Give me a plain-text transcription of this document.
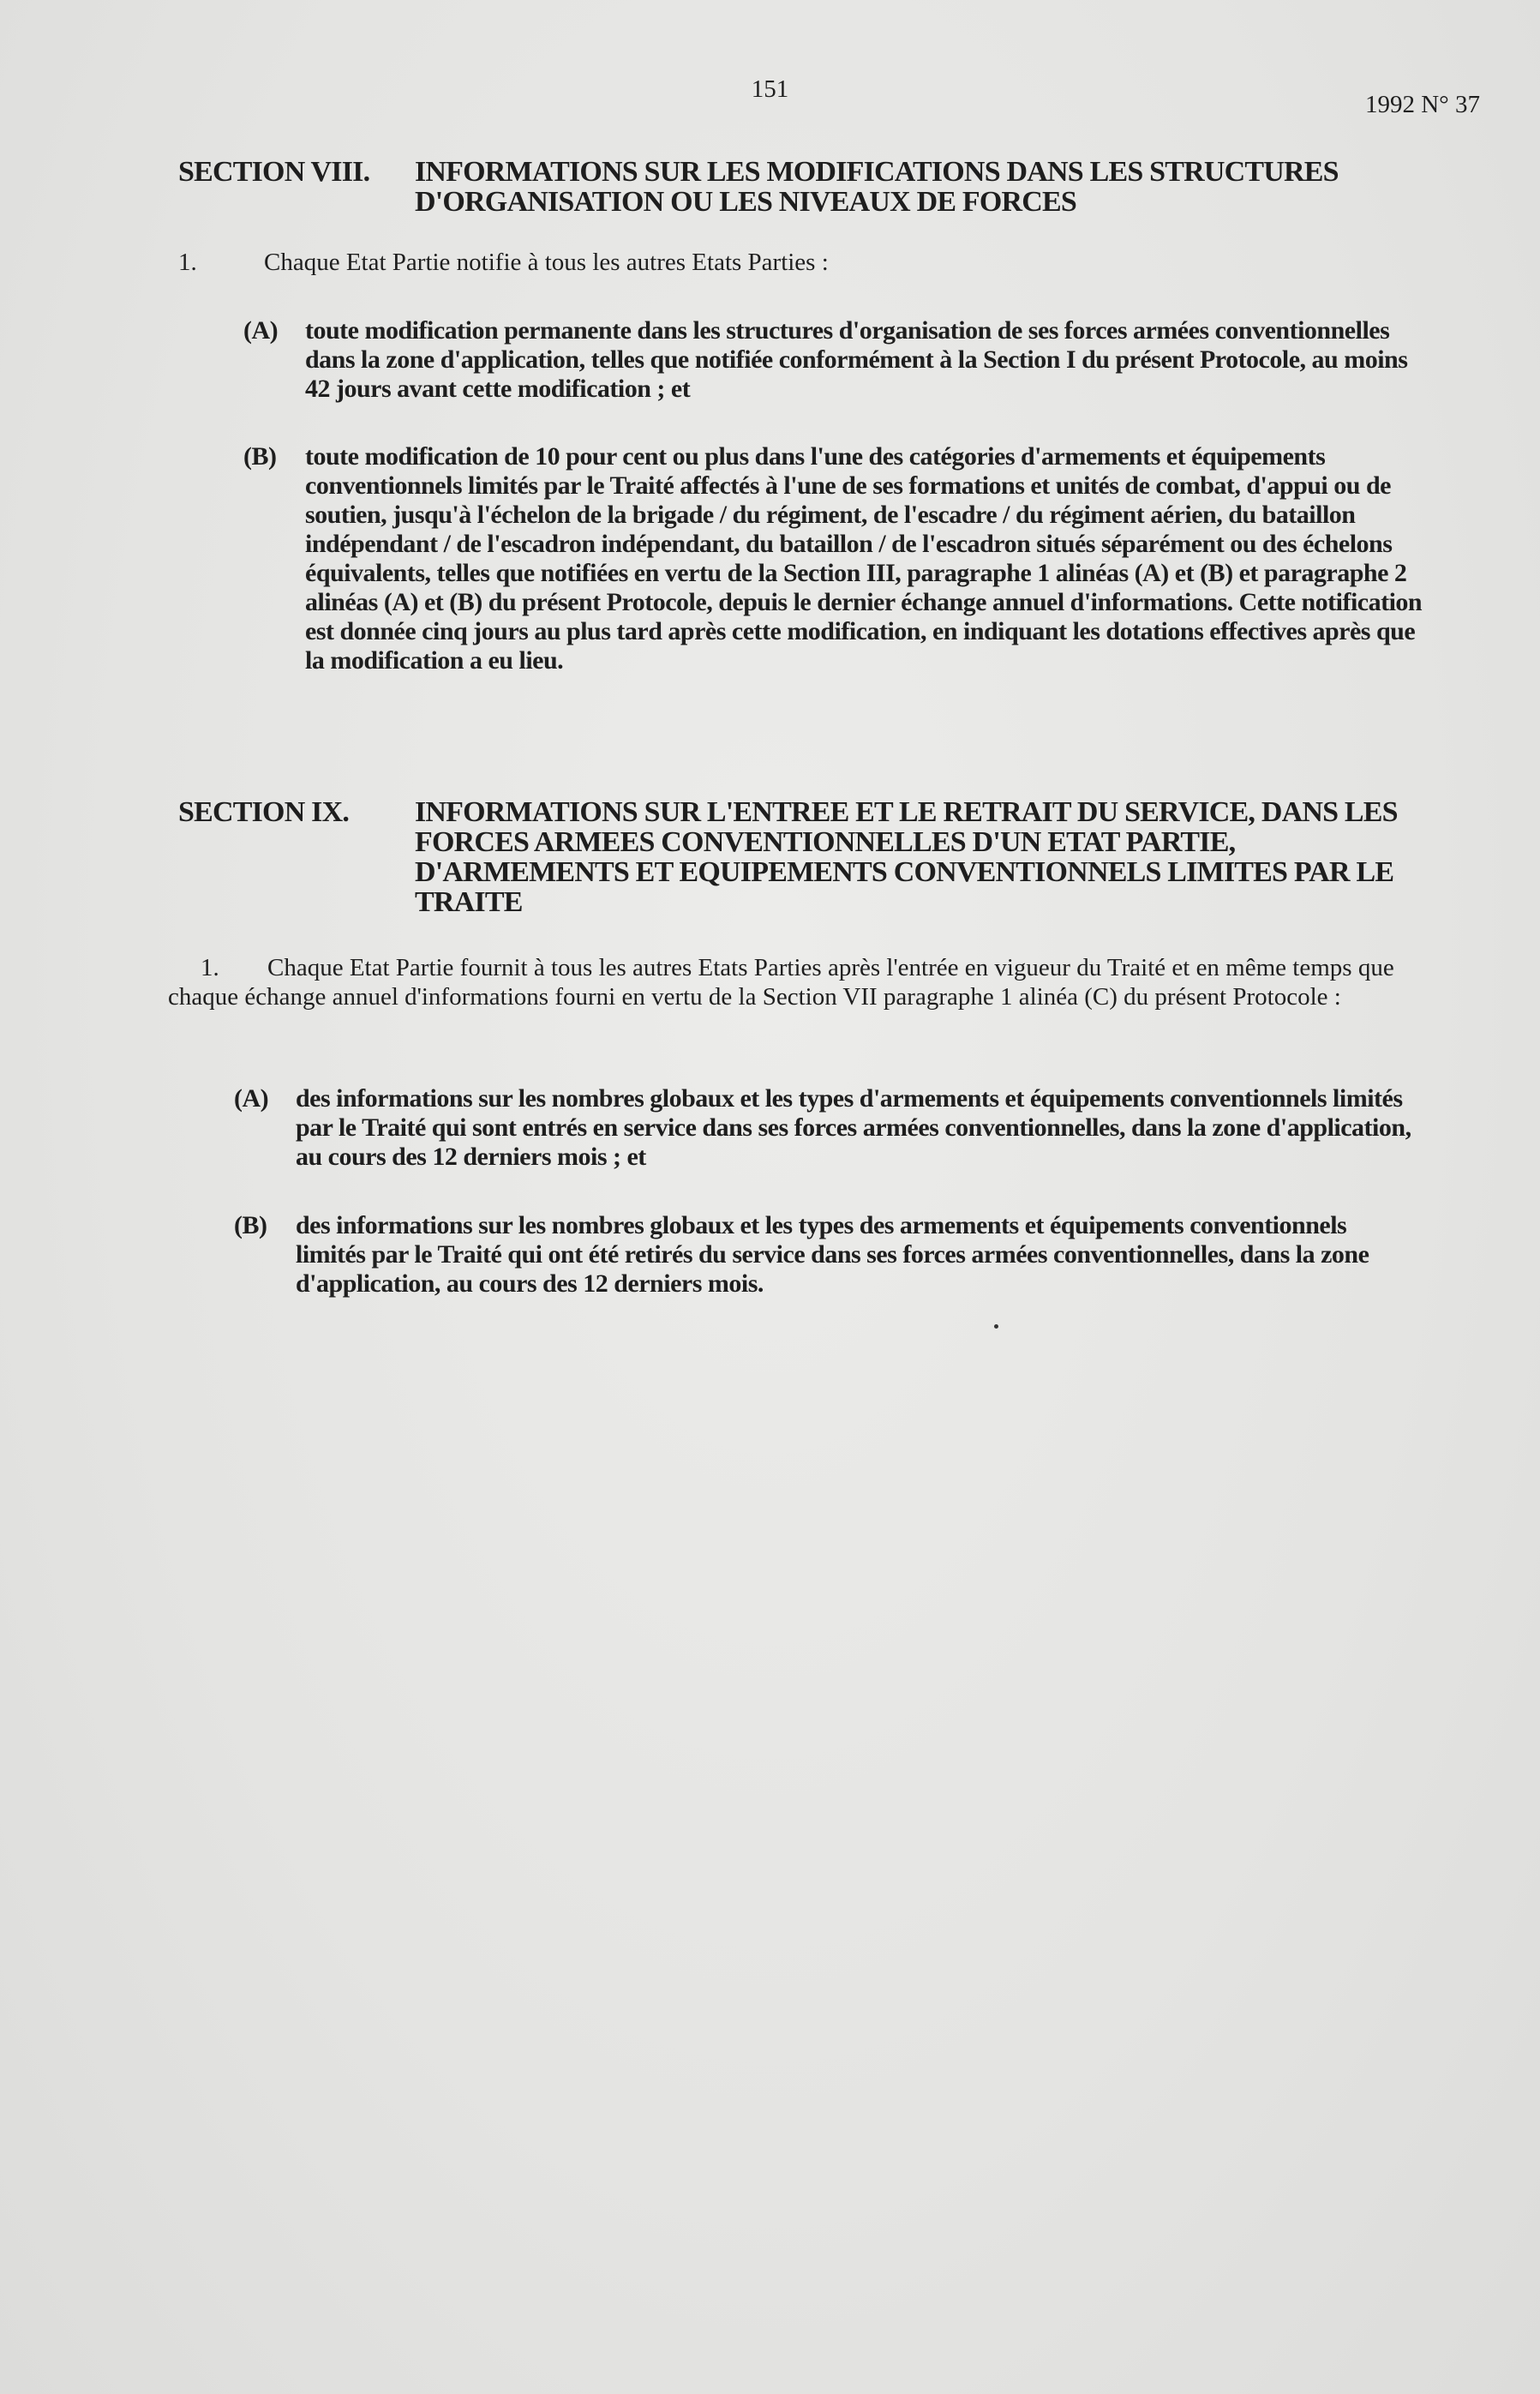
151
1992 N° 37
SECTION VIII.	INFORMATIONS SUR LES MODIFICATIONS DANS LES STRUCTURES D'ORGANISATION OU LES NIVEAUX DE FORCES
1.	Chaque Etat Partie notifie à tous les autres Etats Parties :
(A)	toute modification permanente dans les structures d'organisation de ses forces armées conventionnelles dans la zone d'application, telles que notifiée conformément à la Section I du présent Protocole, au moins 42 jours avant cette modification ; et
(B)	toute modification de 10 pour cent ou plus dans l'une des catégories d'armements et équipements conventionnels limités par le Traité affectés à l'une de ses formations et unités de combat, d'appui ou de soutien, jusqu'à l'échelon de la brigade / du régiment, de l'escadre / du régiment aérien, du bataillon indépendant / de l'escadron indépendant, du bataillon / de l'escadron situés séparément ou des échelons équivalents, telles que notifiées en vertu de la Section III, paragraphe 1 alinéas (A) et (B) et paragraphe 2 alinéas (A) et (B) du présent Protocole, depuis le dernier échange annuel d'informations. Cette notification est donnée cinq jours au plus tard après cette modification, en indiquant les dotations effectives après que la modification a eu lieu.
SECTION IX.	INFORMATIONS SUR L'ENTREE ET LE RETRAIT DU SERVICE, DANS LES FORCES ARMEES CONVENTIONNELLES D'UN ETAT PARTIE, D'ARMEMENTS ET EQUIPEMENTS CONVENTIONNELS LIMITES PAR LE TRAITE
1. Chaque Etat Partie fournit à tous les autres Etats Parties après l'entrée en vigueur du Traité et en même temps que chaque échange annuel d'informations fourni en vertu de la Section VII paragraphe 1 alinéa (C) du présent Protocole :
(A)	des informations sur les nombres globaux et les types d'armements et équipements conventionnels limités par le Traité qui sont entrés en service dans ses forces armées conventionnelles, dans la zone d'application, au cours des 12 derniers mois ; et
(B)	des informations sur les nombres globaux et les types des armements et équipements conventionnels limités par le Traité qui ont été retirés du service dans ses forces armées conventionnelles, dans la zone d'application, au cours des 12 derniers mois.
